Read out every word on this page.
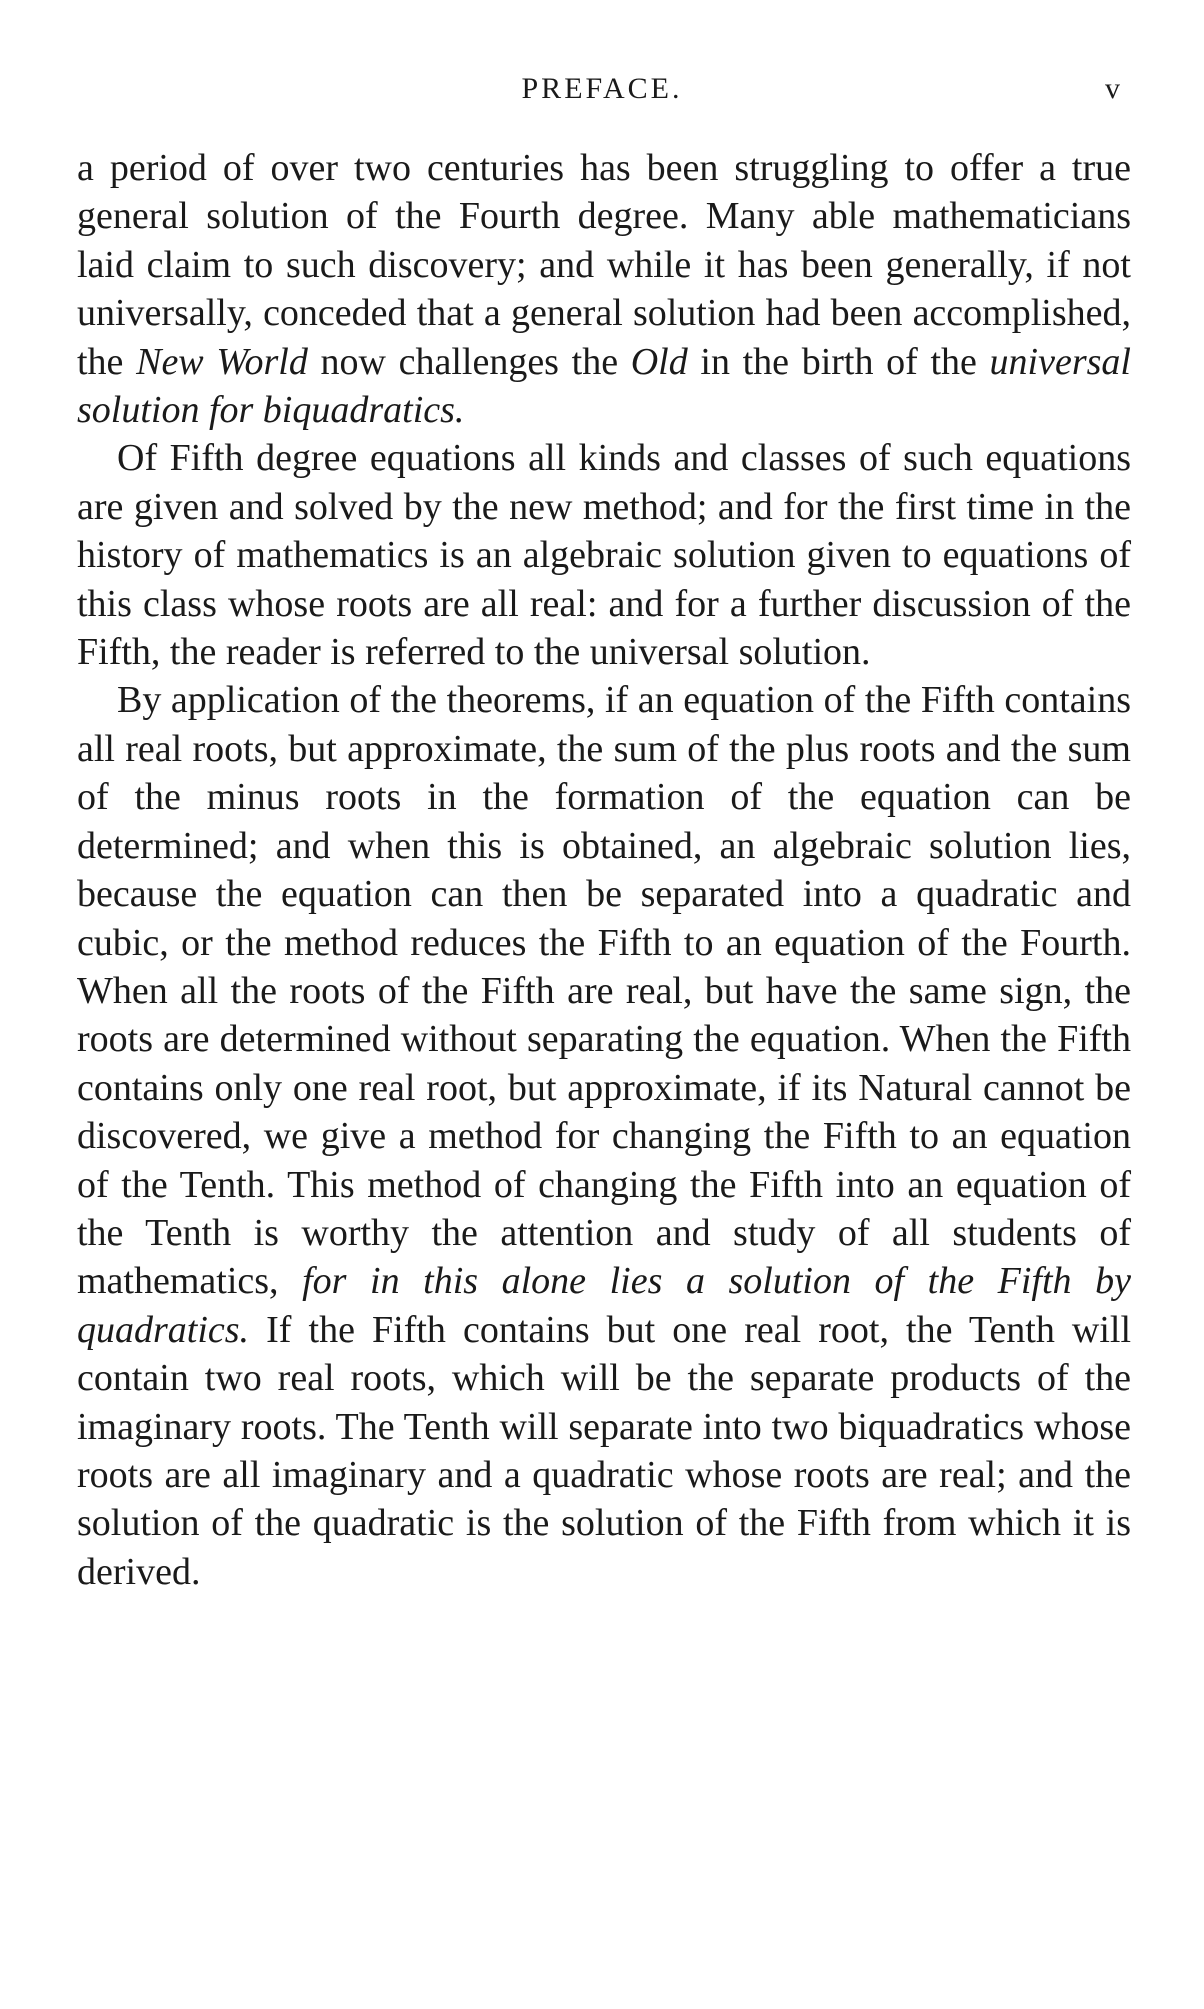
PREFACE.	v

a period of over two centuries has been struggling to offer a true general solution of the Fourth degree. Many able mathematicians laid claim to such discovery; and while it has been generally, if not universally, conceded that a general solution had been accomplished, the New World now challenges the Old in the birth of the universal solution for biquadratics.

Of Fifth degree equations all kinds and classes of such equations are given and solved by the new method; and for the first time in the history of mathematics is an algebraic solution given to equations of this class whose roots are all real: and for a further discussion of the Fifth, the reader is referred to the universal solution.

By application of the theorems, if an equation of the Fifth contains all real roots, but approximate, the sum of the plus roots and the sum of the minus roots in the formation of the equation can be determined; and when this is obtained, an algebraic solution lies, because the equation can then be separated into a quadratic and cubic, or the method reduces the Fifth to an equation of the Fourth. When all the roots of the Fifth are real, but have the same sign, the roots are determined without separating the equation. When the Fifth contains only one real root, but approximate, if its Natural cannot be discovered, we give a method for changing the Fifth to an equation of the Tenth. This method of changing the Fifth into an equation of the Tenth is worthy the attention and study of all students of mathematics, for in this alone lies a solution of the Fifth by quadratics. If the Fifth contains but one real root, the Tenth will contain two real roots, which will be the separate products of the imaginary roots. The Tenth will separate into two biquadratics whose roots are all imaginary and a quadratic whose roots are real; and the solution of the quadratic is the solution of the Fifth from which it is derived.
